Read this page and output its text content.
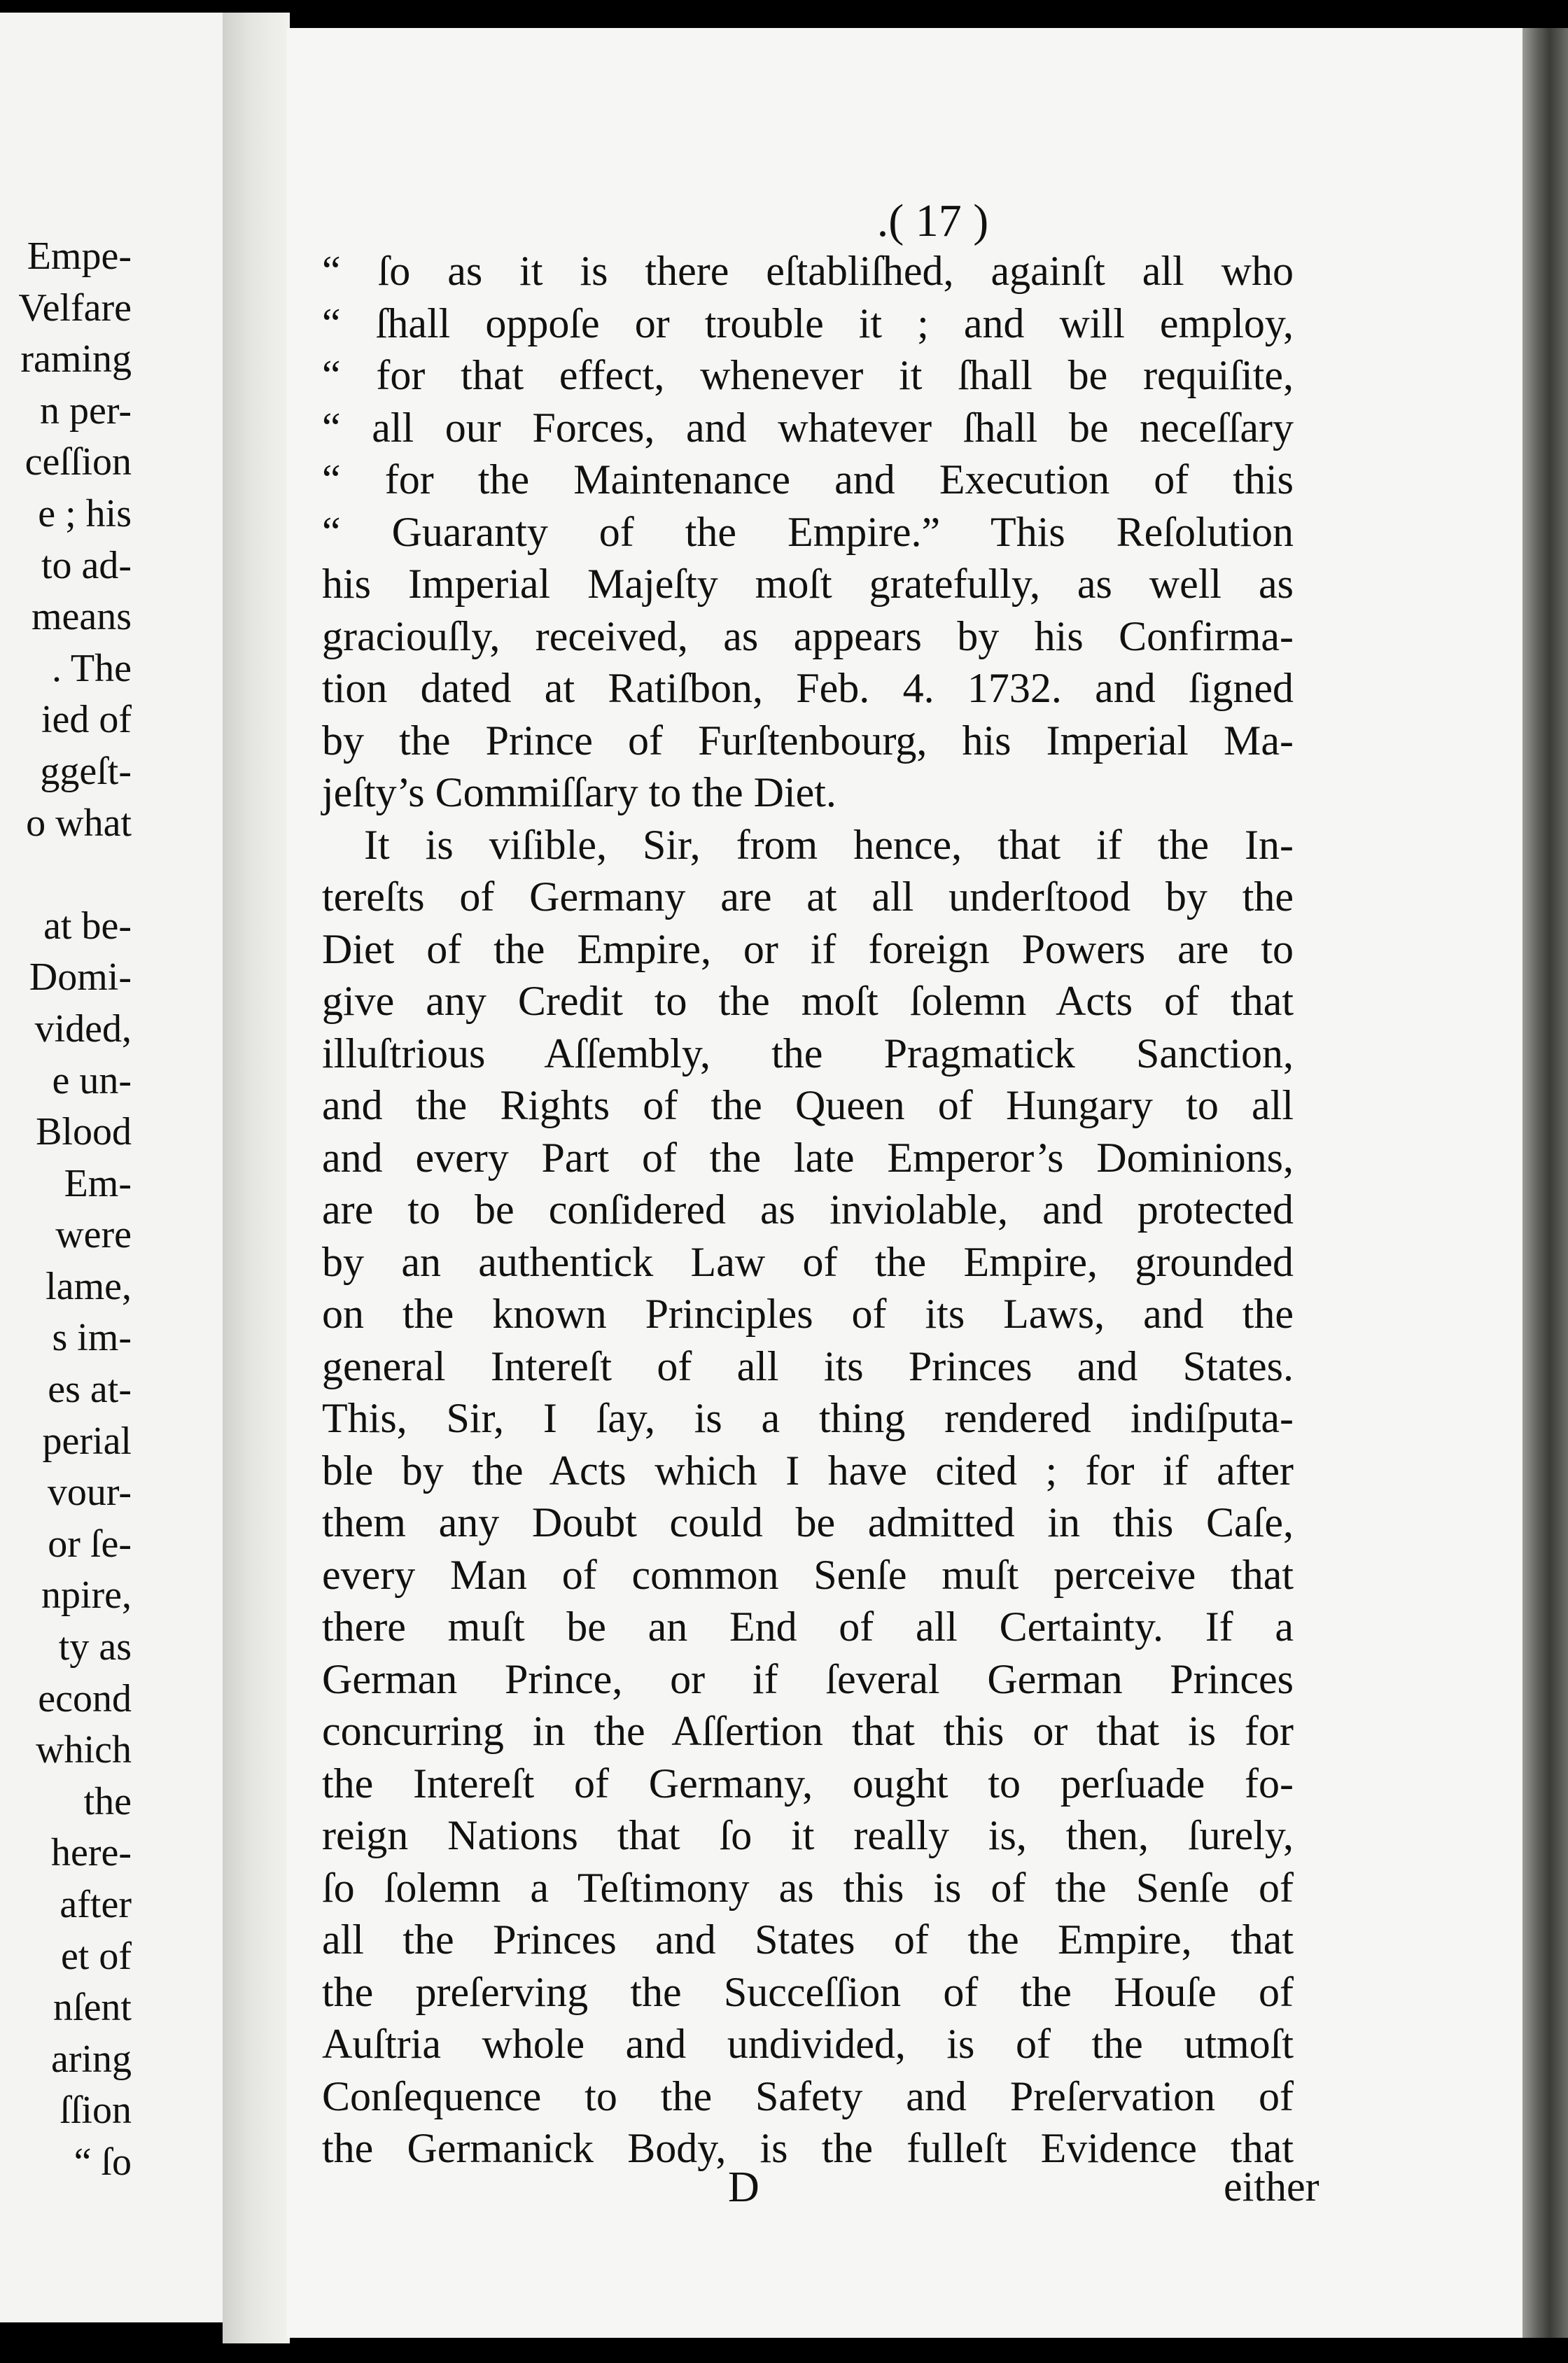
Empe-
Velfare
raming
n per-
ceſſion
e ; his
to ad-
means
. The
ied of
ggeſt-
o what
at be-
Domi-
vided,
e un-
Blood
Em-
were
lame,
s im-
es at-
perial
vour-
or ſe-
npire,
ty as
econd
which
the
here-
after
et of
nſent
aring
ſſion
“ ſo
.( 17 )
“ ſo as it is there eſtabliſhed, againſt all who
“ ſhall oppoſe or trouble it ; and will employ,
“ for that effect, whenever it ſhall be requiſite,
“ all our Forces, and whatever ſhall be neceſſary
“ for the Maintenance and Execution of this
“ Guaranty of the Empire.” This Reſolution
his Imperial Majeſty moſt gratefully, as well as
graciouſly, received, as appears by his Confirma-
tion dated at Ratiſbon, Feb. 4. 1732. and ſigned
by the Prince of Furſtenbourg, his Imperial Ma-
jeſty’s Commiſſary to the Diet.
It is viſible, Sir, from hence, that if the In-
tereſts of Germany are at all underſtood by the
Diet of the Empire, or if foreign Powers are to
give any Credit to the moſt ſolemn Acts of that
illuſtrious Aſſembly, the Pragmatick Sanction,
and the Rights of the Queen of Hungary to all
and every Part of the late Emperor’s Dominions,
are to be conſidered as inviolable, and protected
by an authentick Law of the Empire, grounded
on the known Principles of its Laws, and the
general Intereſt of all its Princes and States.
This, Sir, I ſay, is a thing rendered indiſputa-
ble by the Acts which I have cited ; for if after
them any Doubt could be admitted in this Caſe,
every Man of common Senſe muſt perceive that
there muſt be an End of all Certainty. If a
German Prince, or if ſeveral German Princes
concurring in the Aſſertion that this or that is for
the Intereſt of Germany, ought to perſuade fo-
reign Nations that ſo it really is, then, ſurely,
ſo ſolemn a Teſtimony as this is of the Senſe of
all the Princes and States of the Empire, that
the preſerving the Succeſſion of the Houſe of
Auſtria whole and undivided, is of the utmoſt
Conſequence to the Safety and Preſervation of
the Germanick Body, is the fulleſt Evidence that
D	either
